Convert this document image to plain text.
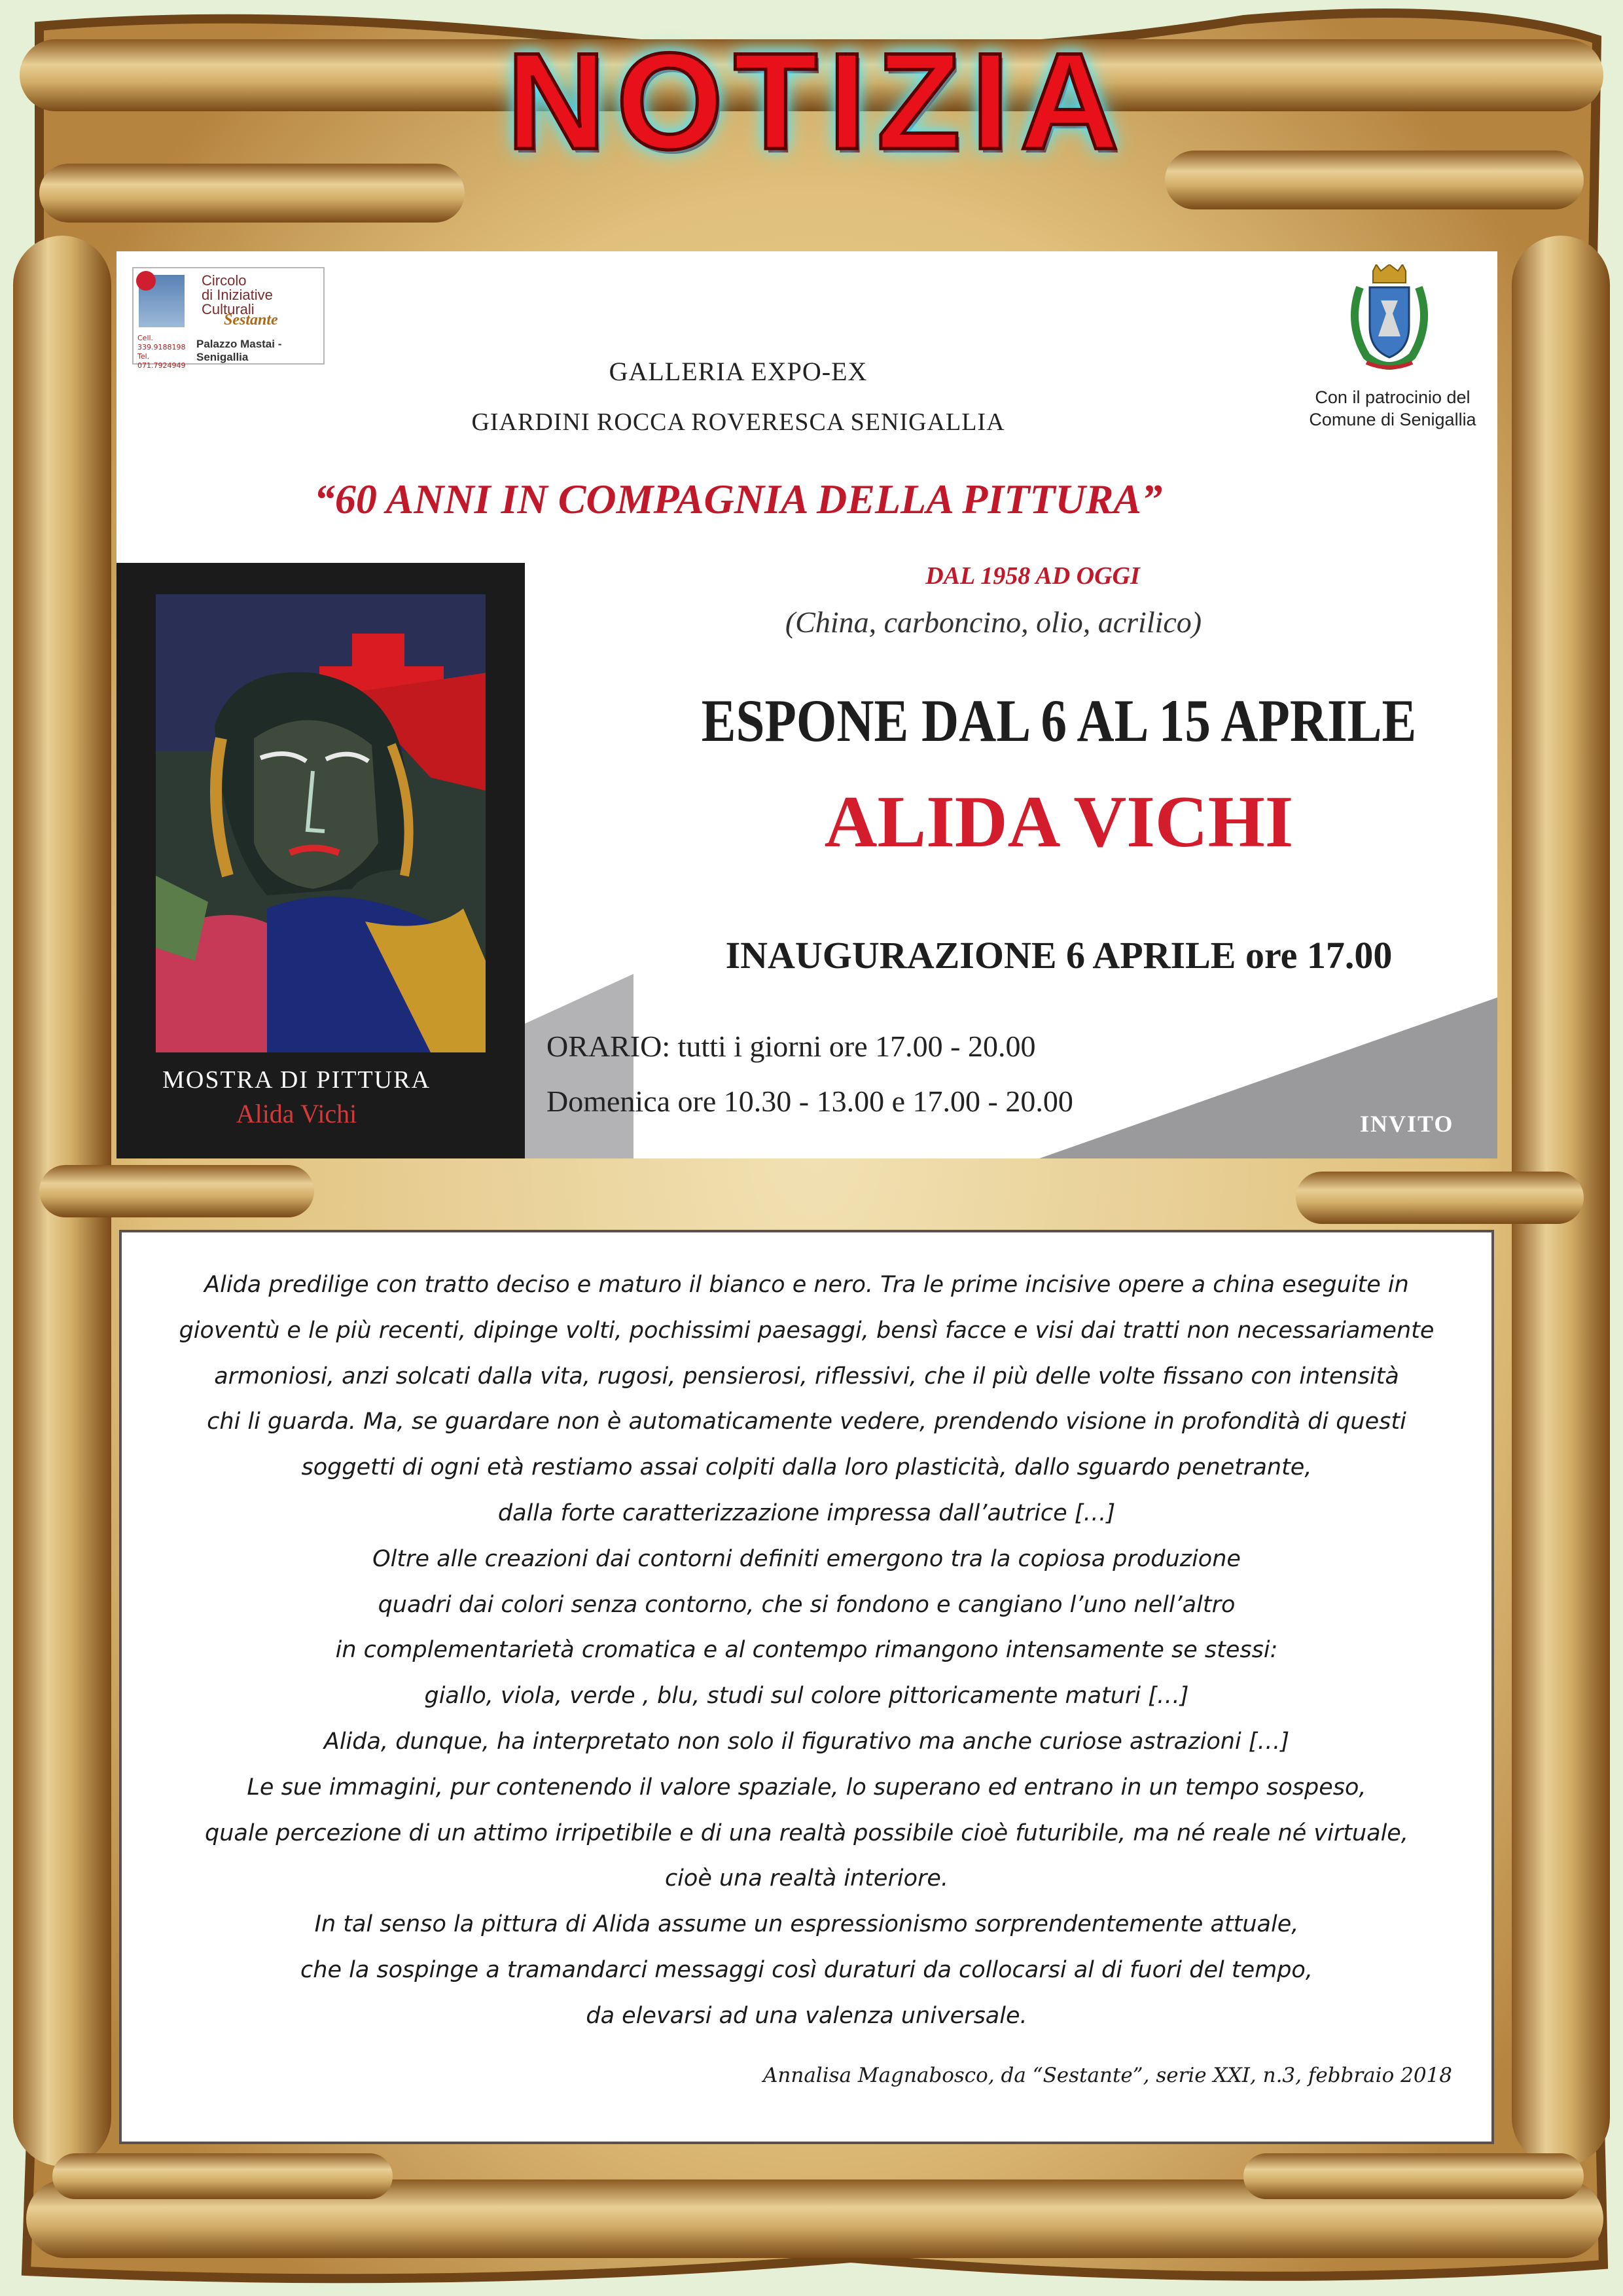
NOTIZIA
Circolo
di Iniziative
Culturali
Sestante
Palazzo Mastai - Senigallia
Cell. 339.9188198 Tel. 071.7924949
Con il patrocinio del
Comune di Senigallia
GALLERIA EXPO-EX
GIARDINI ROCCA ROVERESCA SENIGALLIA
“60 ANNI IN COMPAGNIA DELLA PITTURA”
MOSTRA DI PITTURA
Alida Vichi
DAL 1958 AD OGGI
(China, carboncino, olio, acrilico)
ESPONE DAL 6 AL 15 APRILE
ALIDA VICHI
INAUGURAZIONE 6 APRILE ore 17.00
ORARIO: tutti i giorni ore 17.00 - 20.00
Domenica ore 10.30 - 13.00 e 17.00 - 20.00
INVITO
Alida predilige con tratto deciso e maturo il bianco e nero. Tra le prime incisive opere a china eseguite in
gioventù e le più recenti, dipinge volti, pochissimi paesaggi, bensì facce e visi dai tratti non necessariamente
armoniosi, anzi solcati dalla vita, rugosi, pensierosi, riflessivi, che il più delle volte fissano con intensità
chi li guarda. Ma, se guardare non è automaticamente vedere, prendendo visione in profondità di questi
soggetti di ogni età restiamo assai colpiti dalla loro plasticità, dallo sguardo penetrante,
dalla forte caratterizzazione impressa dall’autrice […]
Oltre alle creazioni dai contorni definiti emergono tra la copiosa produzione
quadri dai colori senza contorno, che si fondono e cangiano l’uno nell’altro
in complementarietà cromatica e al contempo rimangono intensamente se stessi:
giallo, viola, verde , blu, studi sul colore pittoricamente maturi […]
Alida, dunque, ha interpretato non solo il figurativo ma anche curiose astrazioni […]
Le sue immagini, pur contenendo il valore spaziale, lo superano ed entrano in un tempo sospeso,
quale percezione di un attimo irripetibile e di una realtà possibile cioè futuribile, ma né reale né virtuale,
cioè una realtà interiore.
In tal senso la pittura di Alida assume un espressionismo sorprendentemente attuale,
che la sospinge a tramandarci messaggi così duraturi da collocarsi al di fuori del tempo,
da elevarsi ad una valenza universale.
Annalisa Magnabosco, da “Sestante”, serie XXI, n.3, febbraio 2018
